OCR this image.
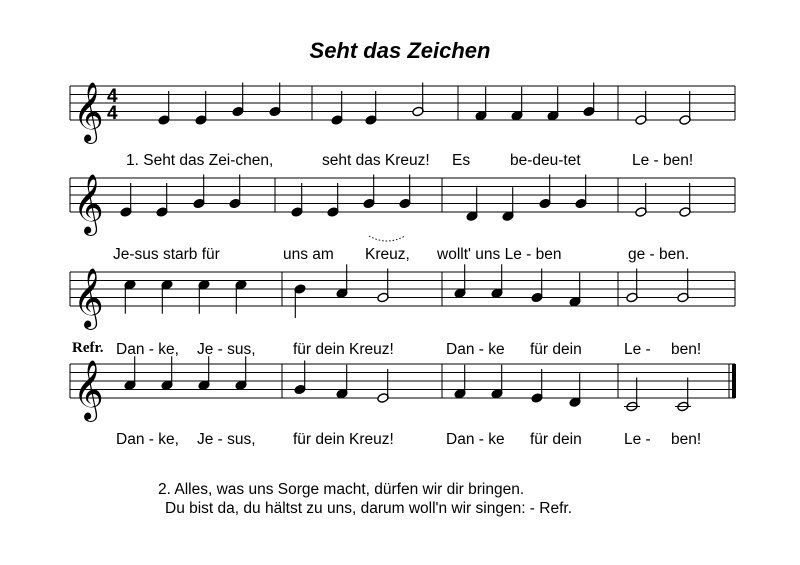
Seht das Zeichen
𝄞 4
4
𝄞
𝄞
𝄞
1. Seht das Zei-chen,	seht das Kreuz! Es	be-deu-tet	Le - ben!
Je-sus starb für	uns am Kreuz, wollt' uns Le - ben	ge - ben.
Refr. Dan - ke, Je - sus, für dein Kreuz!	Dan - ke für dein	Le - ben!
Dan - ke, Je - sus, für dein Kreuz!	Dan - ke für dein	Le - ben!
2. Alles, was uns Sorge macht, dürfen wir dir bringen.
Du bist da, du hältst zu uns, darum woll'n wir singen: - Refr.
